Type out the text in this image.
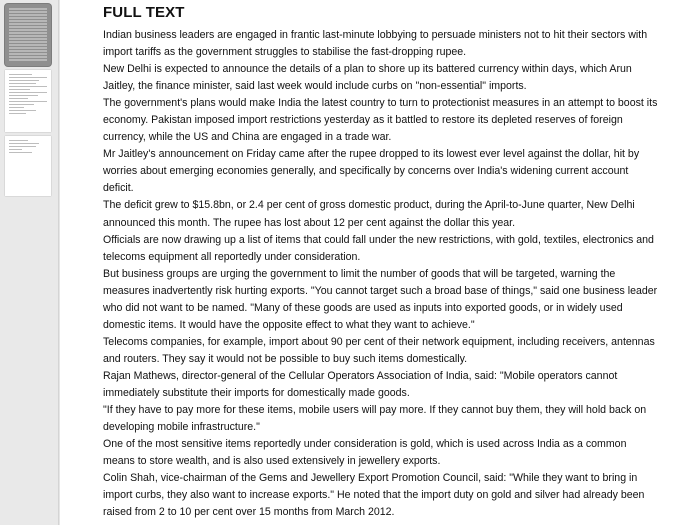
FULL TEXT

Indian business leaders are engaged in frantic last-minute lobbying to persuade ministers not to hit their sectors with import tariffs as the government struggles to stabilise the fast-dropping rupee.

New Delhi is expected to announce the details of a plan to shore up its battered currency within days, which Arun Jaitley, the finance minister, said last week would include curbs on "non-essential" imports.

The government's plans would make India the latest country to turn to protectionist measures in an attempt to boost its economy. Pakistan imposed import restrictions yesterday as it battled to restore its depleted reserves of foreign currency, while the US and China are engaged in a trade war.

Mr Jaitley's announcement on Friday came after the rupee dropped to its lowest ever level against the dollar, hit by worries about emerging economies generally, and specifically by concerns over India's widening current account deficit.

The deficit grew to $15.8bn, or 2.4 per cent of gross domestic product, during the April-to-June quarter, New Delhi announced this month. The rupee has lost about 12 per cent against the dollar this year.

Officials are now drawing up a list of items that could fall under the new restrictions, with gold, textiles, electronics and telecoms equipment all reportedly under consideration.

But business groups are urging the government to limit the number of goods that will be targeted, warning the measures inadvertently risk hurting exports. "You cannot target such a broad base of things," said one business leader who did not want to be named. "Many of these goods are used as inputs into exported goods, or in widely used domestic items. It would have the opposite effect to what they want to achieve."

Telecoms companies, for example, import about 90 per cent of their network equipment, including receivers, antennas and routers. They say it would not be possible to buy such items domestically.

Rajan Mathews, director-general of the Cellular Operators Association of India, said: "Mobile operators cannot immediately substitute their imports for domestically made goods.

"If they have to pay more for these items, mobile users will pay more. If they cannot buy them, they will hold back on developing mobile infrastructure."

One of the most sensitive items reportedly under consideration is gold, which is used across India as a common means to store wealth, and is also used extensively in jewellery exports.

Colin Shah, vice-chairman of the Gems and Jewellery Export Promotion Council, said: "While they want to bring in import curbs, they also want to increase exports." He noted that the import duty on gold and silver had already been raised from 2 to 10 per cent over 15 months from March 2012.
